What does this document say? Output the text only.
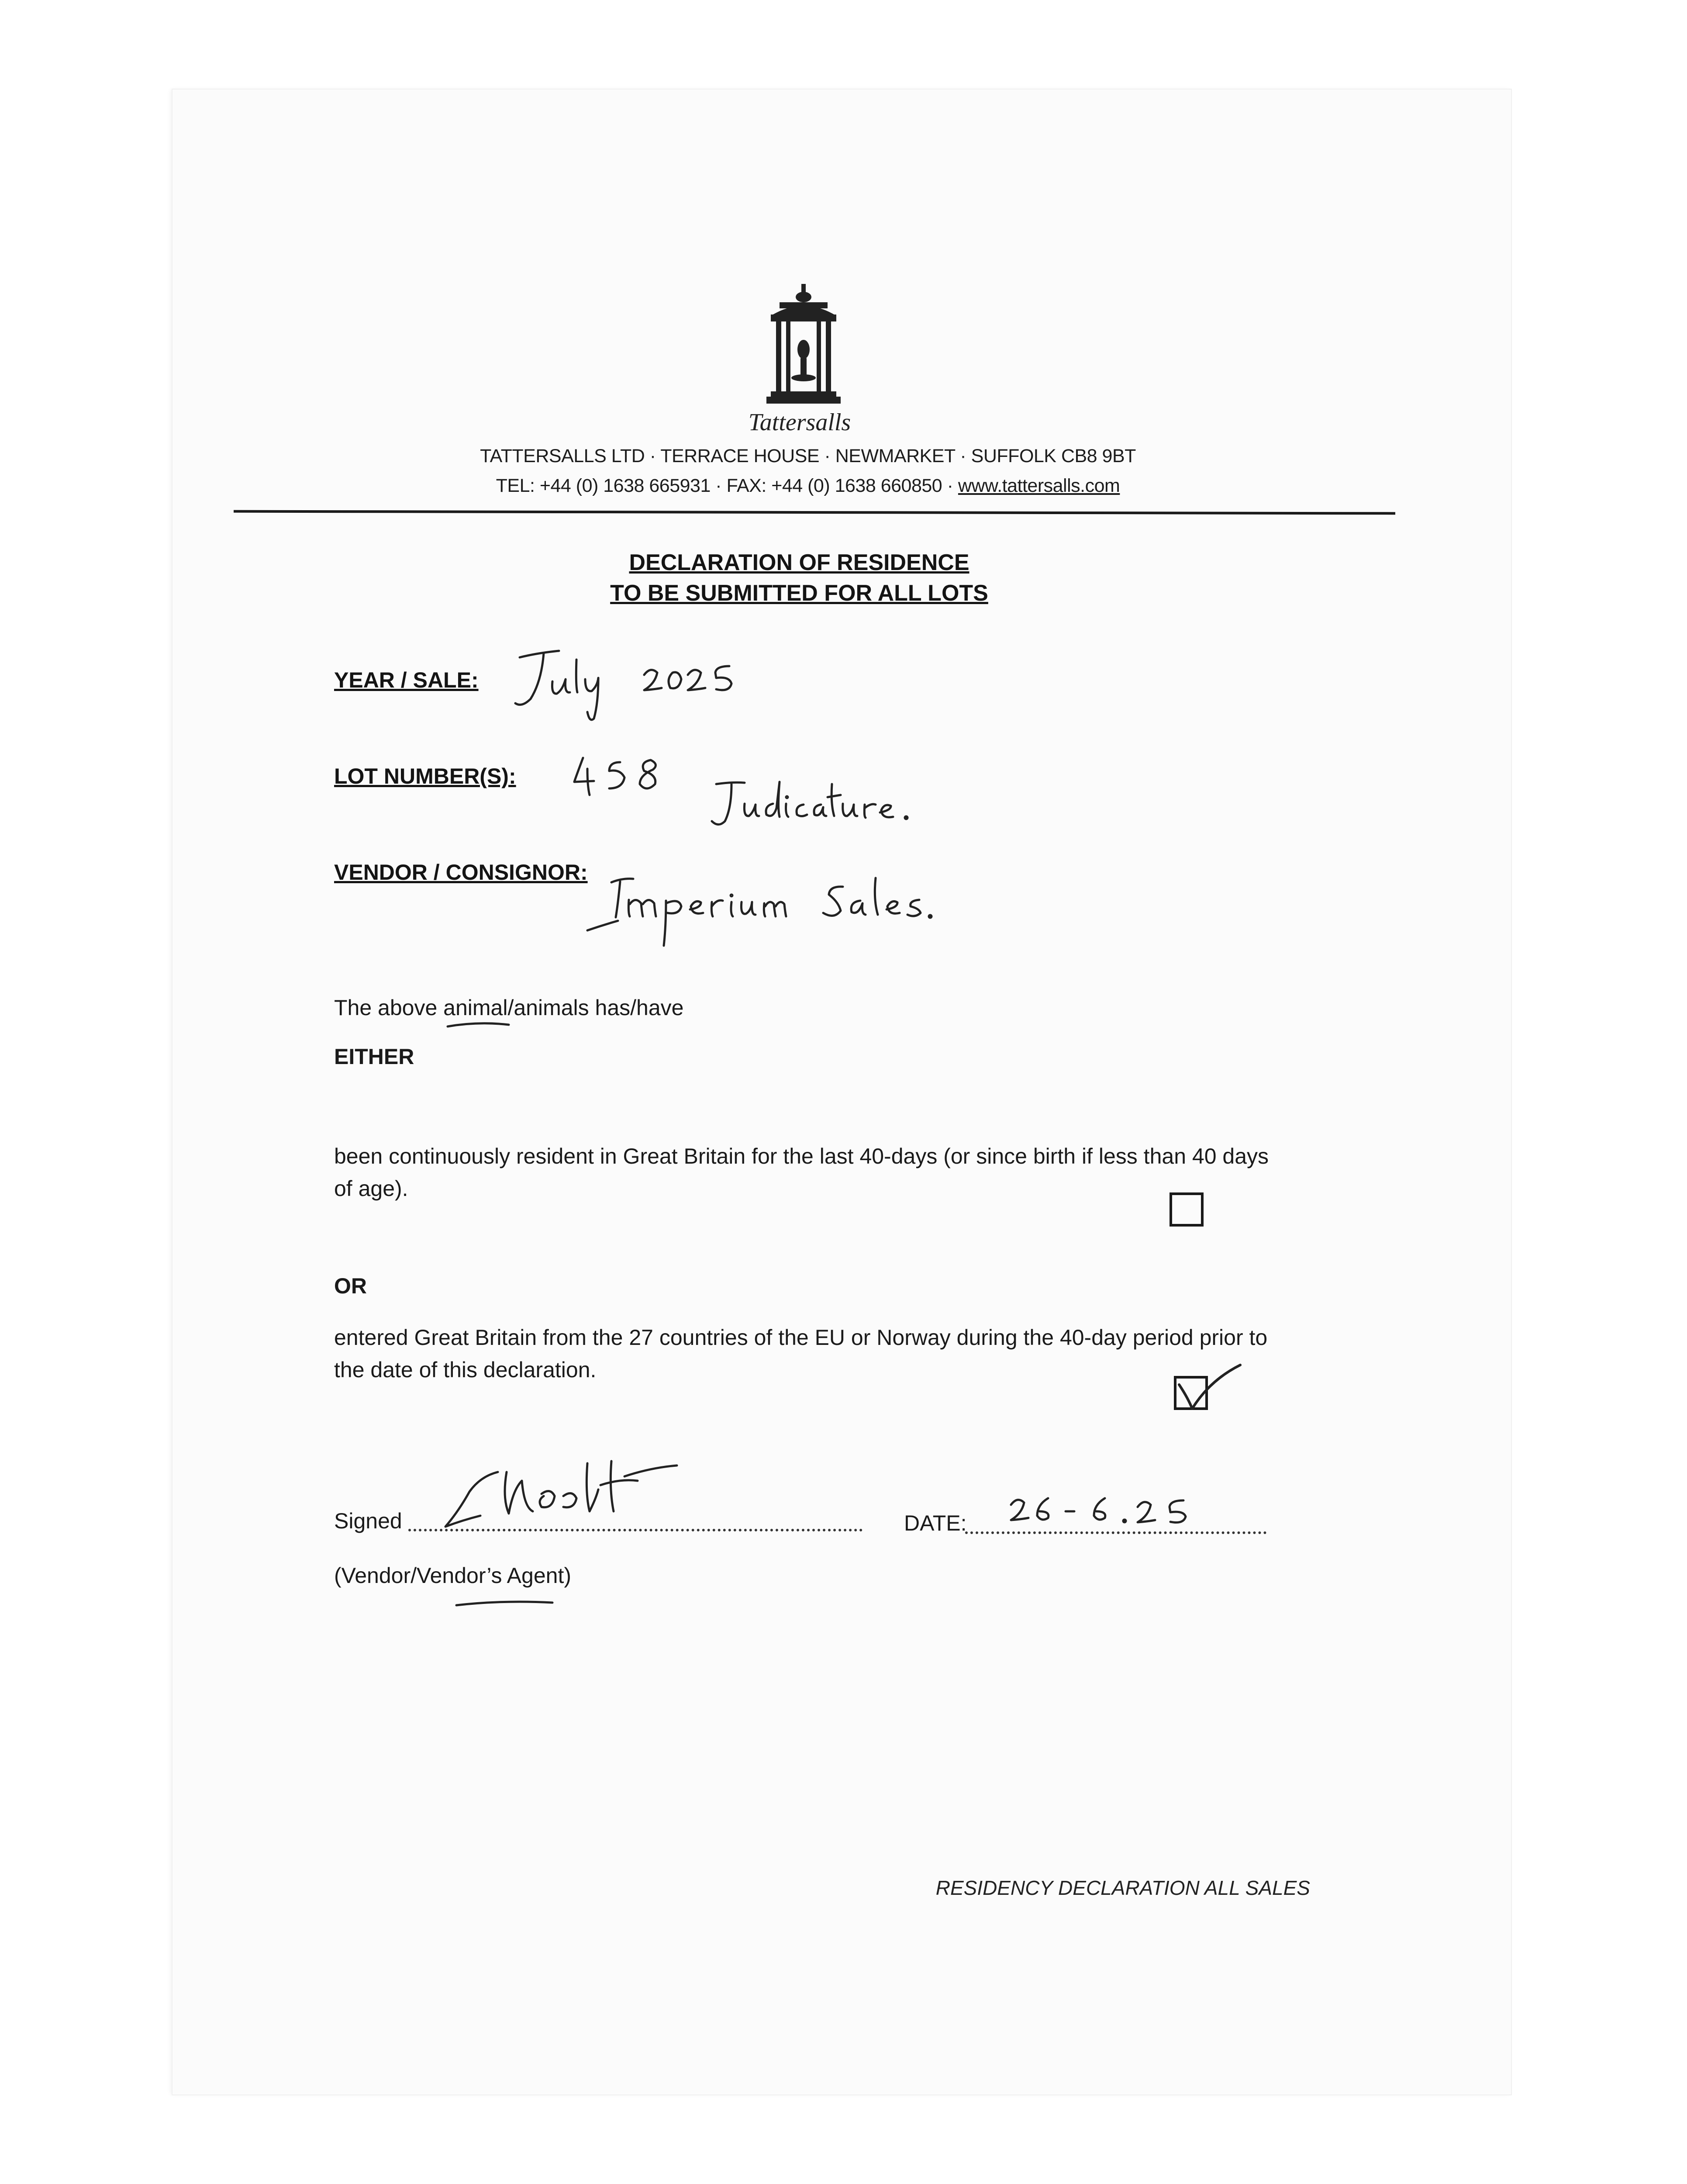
Tattersalls
TATTERSALLS LTD · TERRACE HOUSE · NEWMARKET · SUFFOLK CB8 9BT
TEL: +44 (0) 1638 665931 · FAX: +44 (0) 1638 660850 · www.tattersalls.com
DECLARATION OF RESIDENCE
TO BE SUBMITTED FOR ALL LOTS
YEAR / SALE:
LOT NUMBER(S):
VENDOR / CONSIGNOR:
The above animal/animals has/have
EITHER
been continuously resident in Great Britain for the last 40-days (or since birth if less than 40 days of age).
OR
entered Great Britain from the 27 countries of the EU or Norway during the 40-day period prior to the date of this declaration.
Signed
(Vendor/Vendor’s Agent)
DATE:
RESIDENCY DECLARATION ALL SALES
